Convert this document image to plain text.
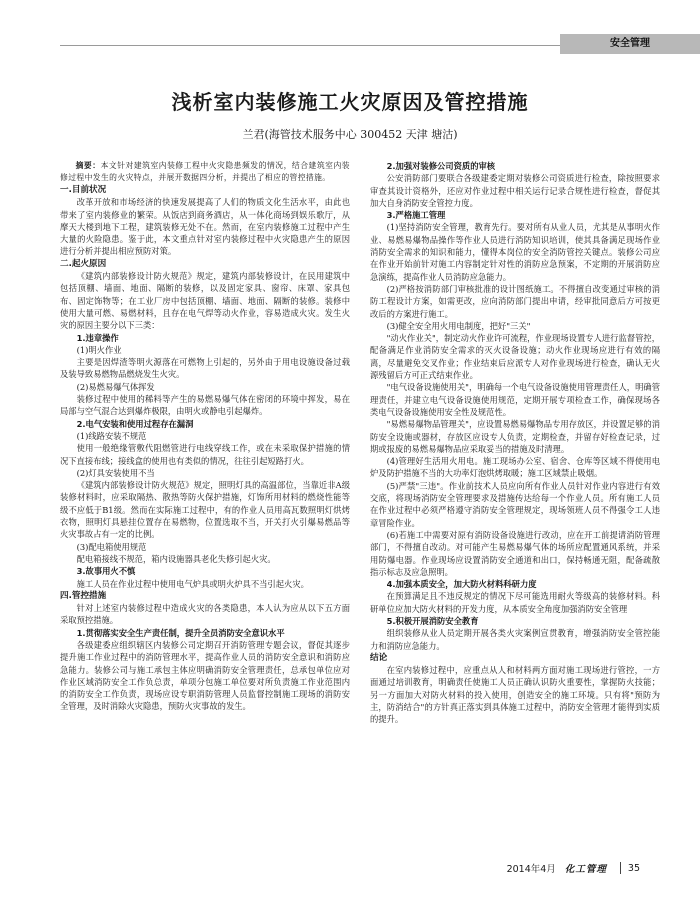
安全管理
浅析室内装修施工火灾原因及管控措施
兰君(海管技术服务中心 300452 天津 塘沽)

摘要：本文针对建筑室内装修工程中火灾隐患频发的情况，结合建筑室内装修过程中发生的火灾特点，并展开数据四分析，并提出了相应的管控措施。

一.目前状况

改革开放和市场经济的快速发展提高了人们的物质文化生活水平，由此也带来了室内装修业的繁荣。从饭店到商务酒店，从一体化商场到娱乐歌厅，从摩天大楼到地下工程，建筑装修无处不在。然而，在室内装修施工过程中产生大量的火险隐患。鉴于此，本文重点针对室内装修过程中火灾隐患产生的原因进行分析并提出相应预防对策。

二.起火原因

《建筑内部装修设计防火规范》规定，建筑内部装修设计，在民用建筑中包括顶棚、墙面、地面、隔断的装修，以及固定家具、窗帘、床罩、家具包布、固定饰物等；在工业厂房中包括顶棚、墙面、地面、隔断的装修。装修中使用大量可燃、易燃材料，且存在电气焊等动火作业，容易造成火灾。发生火灾的原因主要分以下三类：

1.违章操作
(1)明火作业

主要是因焊渣等明火源落在可燃物上引起的，另外由于用电设施设备过载及装导致易燃物品燃烧发生火灾。

(2)易燃易爆气体挥发

装修过程中使用的稀料等产生的易燃易爆气体在密闭的环境中挥发，易在局部与空气混合达到爆炸极限，由明火或静电引起爆炸。

2.电气安装和使用过程存在漏洞
(1)线路安装不规范

使用一般绝缘管敷代阻燃管进行电线穿线工作，或在未采取保护措施的情况下直接布线；接线盒的使用也有类似的情况，往往引起短路打火。

(2)灯具安装使用不当

《建筑内部装修设计防火规范》规定，照明灯具的高温部位，当靠近非A级装修材料时，应采取隔热、散热等防火保护措施，灯饰所用材料的燃烧性能等级不应低于B1级。然而在实际施工过程中，有的作业人员用高瓦数照明灯烘烤衣物，照明灯具悬挂位置存在易燃物，位置选取不当，开关打火引爆易燃品等火灾事故占有一定的比例。

(3)配电箱使用规范

配电箱接线不规范，箱内设施器具老化失修引起火灾。

3.故事用火不慎

施工人员在作业过程中使用电气炉具或明火炉具不当引起火灾。

四.管控措施

针对上述室内装修过程中造成火灾的各类隐患，本人认为应从以下五方面采取预控措施。

1.贯彻落实安全生产责任制，提升全员消防安全意识水平

各级建委应组织辖区内装修公司定期召开消防管理专题会议，督促其逐步提升施工作业过程中的消防管理水平，提高作业人员的消防安全意识和消防应急能力。装修公司与施工承包主体应明确消防安全管理责任，总承包单位应对作业区域消防安全工作负总责，单项分包施工单位要对所负责施工作业范围内的消防安全工作负责，现场应设专职消防管理人员监督控制施工现场的消防安全管理，及时消除火灾隐患，预防火灾事故的发生。

2.加强对装修公司资质的审核

公安消防部门要联合各级建委定期对装修公司资质进行检查，除按照要求审查其设计资格外，还应对作业过程中相关运行记录合规性进行检查，督促其加大自身消防安全管控力度。

3.严格施工管理

(1)坚持消防安全管理，教育先行。要对所有从业人员，尤其是从事明火作业、易燃易爆物品操作等作业人员进行消防知识培训，使其具备满足现场作业消防安全需求的知识和能力，懂得本岗位的安全消防管控关键点。装修公司应在作业开始前针对施工内容制定针对性的消防应急预案，不定期的开展消防应急演练，提高作业人员消防应急能力。

(2)严格按消防部门审核批准的设计图纸施工。不得擅自改变通过审核的消防工程设计方案，如需更改，应向消防部门提出申请，经审批同意后方可按更改后的方案进行施工。

(3)健全安全用火用电制度，把好"三关"

"动火作业关"，制定动火作业许可流程，作业现场设置专人进行监督管控，配备满足作业消防安全需求的灭火设备设施；动火作业现场应进行有效的隔离，尽量避免交叉作业；作业结束后应派专人对作业现场进行检查，确认无火源残留后方可正式结束作业。

"电气设备设施使用关"，明确每一个电气设备设施使用管理责任人，明确管理责任，并建立电气设备设施使用规范，定期开展专项检查工作，确保现场各类电气设备设施使用安全性及规范性。

"易燃易爆物品管理关"，应设置易燃易爆物品专用存放区，并设置足够的消防安全设施或器材，存放区应设专人负责，定期检查，并留存好检查记录，过期或报废的易燃易爆物品应采取妥当的措施及时清理。

(4)管理好生活用火用电。施工现场办公室、宿舍、仓库等区域不得使用电炉及防护措施不当的大功率灯泡烘烤取暖；施工区域禁止吸烟。

(5)严禁"三违"。作业前技术人员应向所有作业人员针对作业内容进行有效交底，将现场消防安全管理要求及措施传达给每一个作业人员。所有施工人员在作业过程中必须严格遵守消防安全管理规定，现场领班人员不得强令工人违章冒险作业。

(6)若施工中需要对原有消防设备设施进行改动，应在开工前提请消防管理部门，不得擅自改动。对可能产生易燃易爆气体的场所应配置通风系统，并采用防爆电器。作业现场应设置消防安全通道和出口，保持畅通无阻，配备疏散指示标志及应急照明。

4.加强本质安全，加大防火材料科研力度

在预算满足且不违反规定的情况下尽可能选用耐火等级高的装修材料。科研单位应加大防火材料的开发力度，从本质安全角度加强消防安全管理

5.积极开展消防安全教育

组织装修从业人员定期开展各类火灾案例宣贯教育，增强消防安全管控能力和消防应急能力。

结论

在室内装修过程中，应重点从人和材料两方面对施工现场进行管控，一方面通过培训教育，明确责任使施工人员正确认识防火重要性，掌握防火技能；另一方面加大对防火材料的投入使用，创造安全的施工环境。只有将"预防为主，防消结合"的方针真正落实到具体施工过程中，消防安全管理才能得到实质的提升。

2014年4月 化工管理 35
